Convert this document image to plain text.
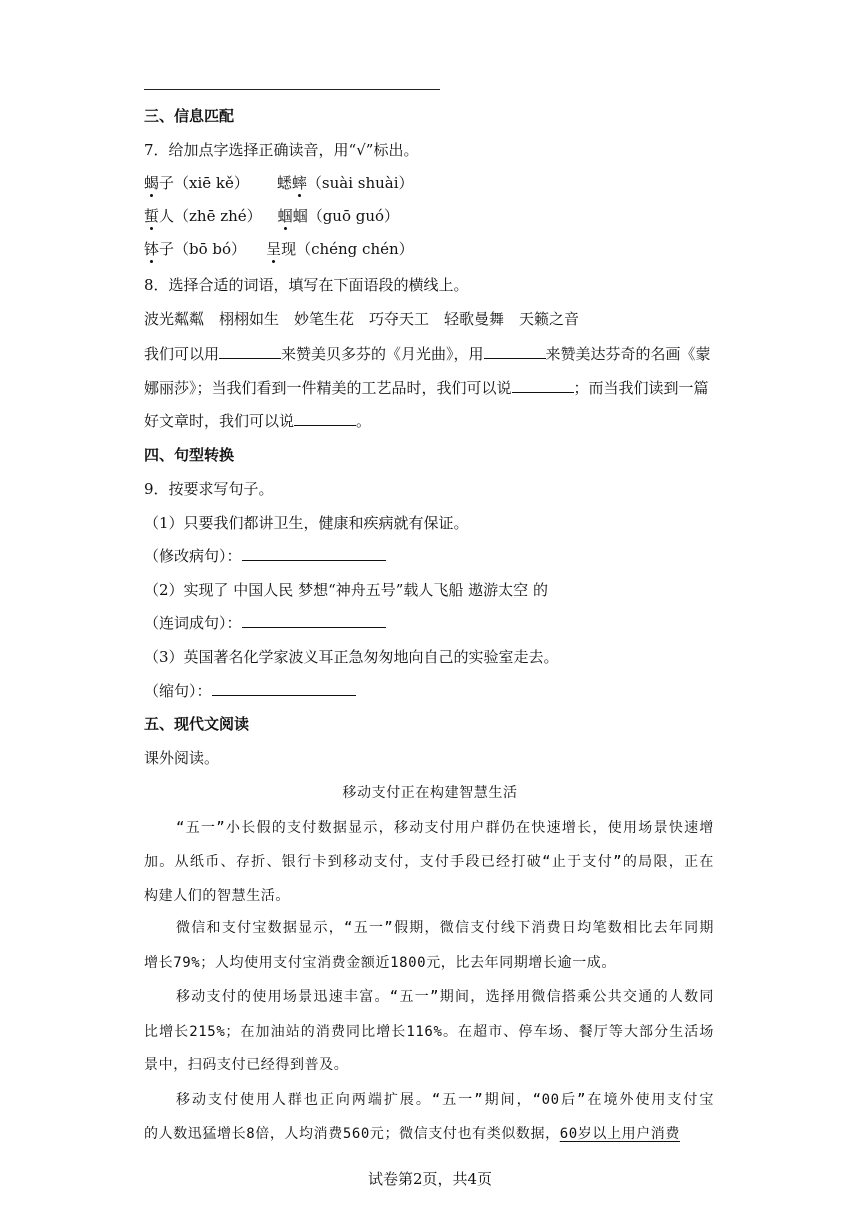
三、信息匹配
7．给加点字选择正确读音，用“√”标出。
蝎子（xiē kě） 蟋蟀（suài shuài）
蜇人（zhē zhé） 蝈蝈（guō guó）
钵子（bō bó） 呈现（chéng chén）
8．选择合适的词语，填写在下面语段的横线上。
波光粼粼　栩栩如生　妙笔生花　巧夺天工　轻歌曼舞　天籁之音
我们可以用	来赞美贝多芬的《月光曲》，用	来赞美达芬奇的名画《蒙
娜丽莎》；当我们看到一件精美的工艺品时，我们可以说	；而当我们读到一篇
好文章时，我们可以说	。
四、句型转换
9．按要求写句子。
（1）只要我们都讲卫生，健康和疾病就有保证。
（修改病句）：
（2）实现了 中国人民 梦想“神舟五号”载人飞船 遨游太空 的
（连词成句）：
（3）英国著名化学家波义耳正急匆匆地向自己的实验室走去。
（缩句）：
五、现代文阅读
课外阅读。
移动支付正在构建智慧生活
“五一”小长假的支付数据显示，移动支付用户群仍在快速增长，使用场景快速增
加。从纸币、存折、银行卡到移动支付，支付手段已经打破“止于支付”的局限，正在
构建人们的智慧生活。
微信和支付宝数据显示，“五一”假期，微信支付线下消费日均笔数相比去年同期
增长79%；人均使用支付宝消费金额近1800元，比去年同期增长逾一成。
移动支付的使用场景迅速丰富。“五一”期间，选择用微信搭乘公共交通的人数同
比增长215%；在加油站的消费同比增长116%。在超市、停车场、餐厅等大部分生活场
景中，扫码支付已经得到普及。
移动支付使用人群也正向两端扩展。“五一”期间，“00后”在境外使用支付宝
的人数迅猛增长8倍，人均消费560元；微信支付也有类似数据，60岁以上用户消费
试卷第2页，共4页
